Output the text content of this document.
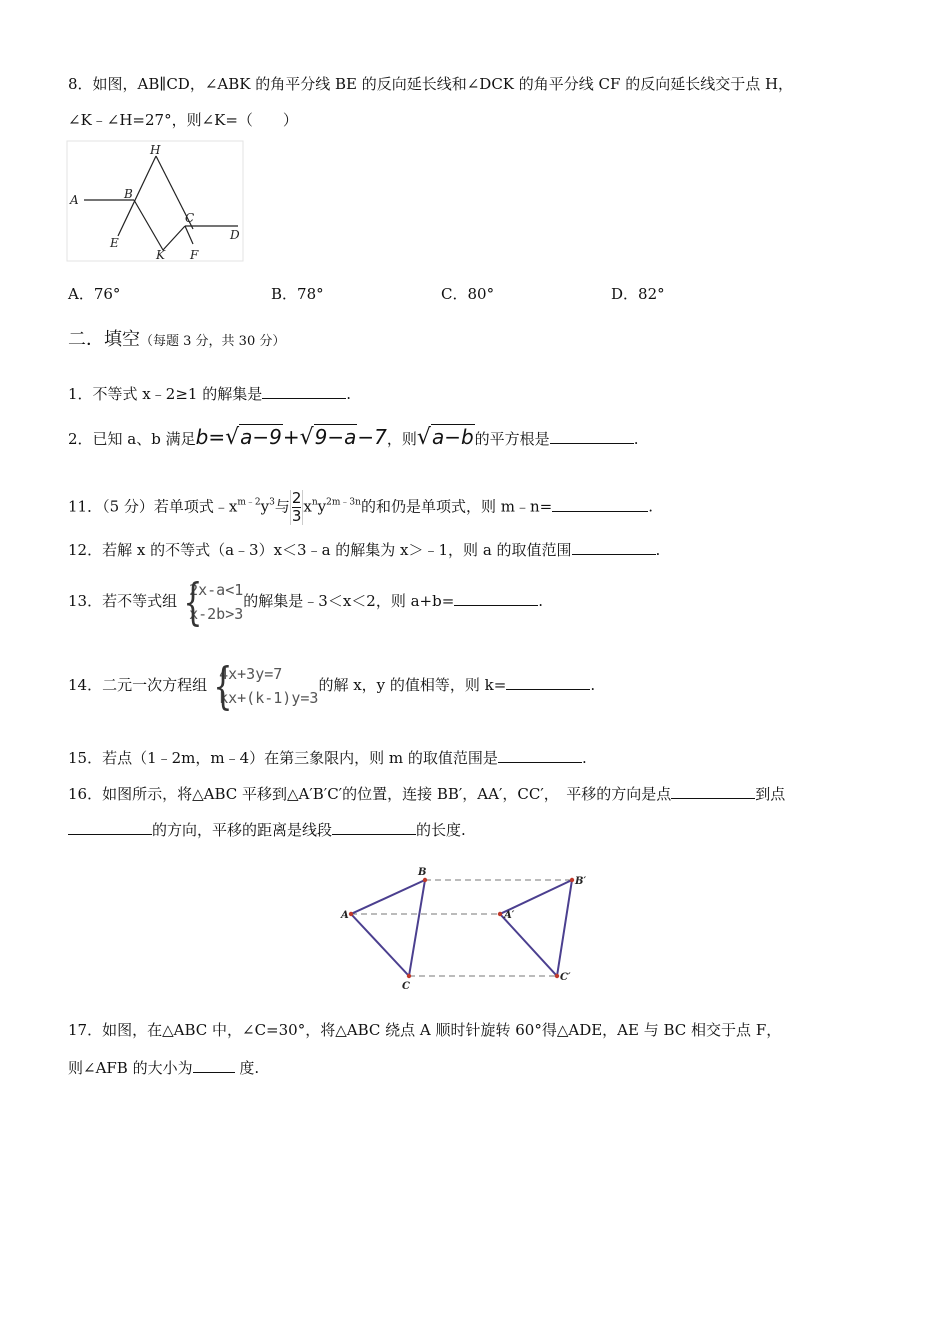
8．如图，AB∥CD，∠ABK 的角平分线 BE 的反向延长线和∠DCK 的角平分线 CF 的反向延长线交于点 H，
∠K﹣∠H=27°，则∠K=（　　）
H
A	B
C
D
E
K F
A．76°	B．78°	C．80°	D．82°
二．填空（每题 3 分，共 30 分）
1．不等式 x﹣2≥1 的解集是	.
2．已知 a、b 满足b=√a−9+√9−a−7，则√a−b的平方根是	.
11．（5 分）若单项式$﹣x^{m﹣2}y^3$与 $\frac{2}{3}x^ny^{2m﹣3n}$的和仍是单项式，则 m﹣n=	.
12．若解 x 的不等式（a﹣3）x＜3﹣a 的解集为 x＞﹣1，则 a 的取值范围	.
13．若不等式组 {
2x-a<1
x-2b>3
的解集是﹣3＜x＜2，则 a+b=	.
14．二元一次方程组 {
4x+3y=7
kx+(k-1)y=3
的解 x，y 的值相等，则 k=	.
15．若点（1﹣2m，m﹣4）在第三象限内，则 m 的取值范围是	.
16．如图所示，将△ABC 平移到△A′B′C′的位置，连接 BB′，AA′，CC′，　平移的方向是点	到点
的方向，平移的距离是线段	的长度.
B
A
C
B′
A′
C′
17．如图，在△ABC 中，∠C=30°，将△ABC 绕点 A 顺时针旋转 60°得△ADE，AE 与 BC 相交于点 F，
则∠AFB 的大小为	度.
